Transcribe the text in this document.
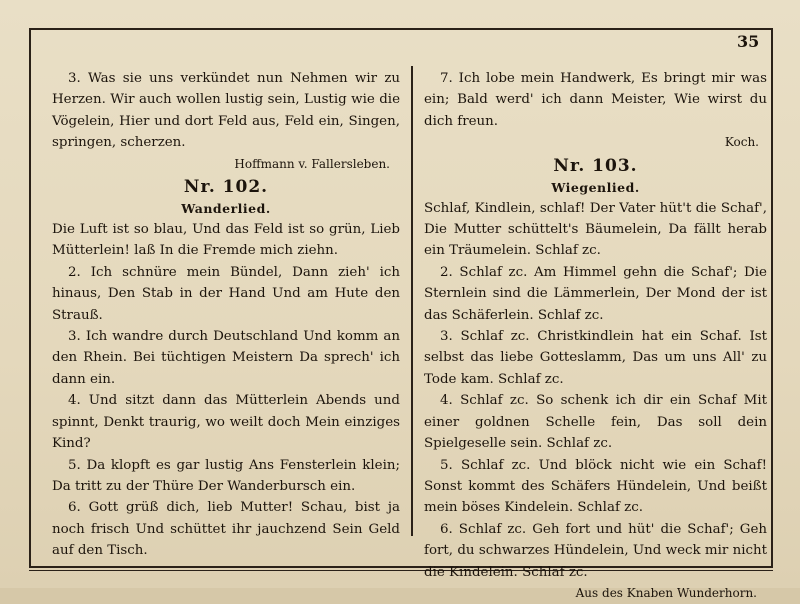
35

3. Was sie uns verkündet nun Nehmen wir zu Herzen. Wir auch wollen lustig sein, Lustig wie die Vögelein, Hier und dort Feld aus, Feld ein, Singen, springen, scherzen.

Hoffmann v. Fallersleben.

Nr. 102.

Wanderlied.

Die Luft ist so blau, Und das Feld ist so grün, Lieb Mütterlein! laß In die Fremde mich ziehn.

2. Ich schnüre mein Bündel, Dann zieh' ich hinaus, Den Stab in der Hand Und am Hute den Strauß.

3. Ich wandre durch Deutschland Und komm an den Rhein. Bei tüchtigen Meistern Da sprech' ich dann ein.

4. Und sitzt dann das Mütterlein Abends und spinnt, Denkt traurig, wo weilt doch Mein einziges Kind?

5. Da klopft es gar lustig Ans Fensterlein klein; Da tritt zu der Thüre Der Wanderbursch ein.

6. Gott grüß dich, lieb Mutter! Schau, bist ja noch frisch Und schüttet ihr jauchzend Sein Geld auf den Tisch.

7. Ich lobe mein Handwerk, Es bringt mir was ein; Bald werd' ich dann Meister, Wie wirst du dich freun.

Koch.

Nr. 103.

Wiegenlied.

Schlaf, Kindlein, schlaf! Der Vater hüt't die Schaf', Die Mutter schüttelt's Bäumelein, Da fällt herab ein Träumelein. Schlaf zc.

2. Schlaf zc. Am Himmel gehn die Schaf'; Die Sternlein sind die Lämmerlein, Der Mond der ist das Schäferlein. Schlaf zc.

3. Schlaf zc. Christkindlein hat ein Schaf. Ist selbst das liebe Gotteslamm, Das um uns All' zu Tode kam. Schlaf zc.

4. Schlaf zc. So schenk ich dir ein Schaf Mit einer goldnen Schelle fein, Das soll dein Spielgeselle sein. Schlaf zc.

5. Schlaf zc. Und blöck nicht wie ein Schaf! Sonst kommt des Schäfers Hündelein, Und beißt mein böses Kindelein. Schlaf zc.

6. Schlaf zc. Geh fort und hüt' die Schaf'; Geh fort, du schwarzes Hündelein, Und weck mir nicht die Kindelein. Schlaf zc.

Aus des Knaben Wunderhorn.
